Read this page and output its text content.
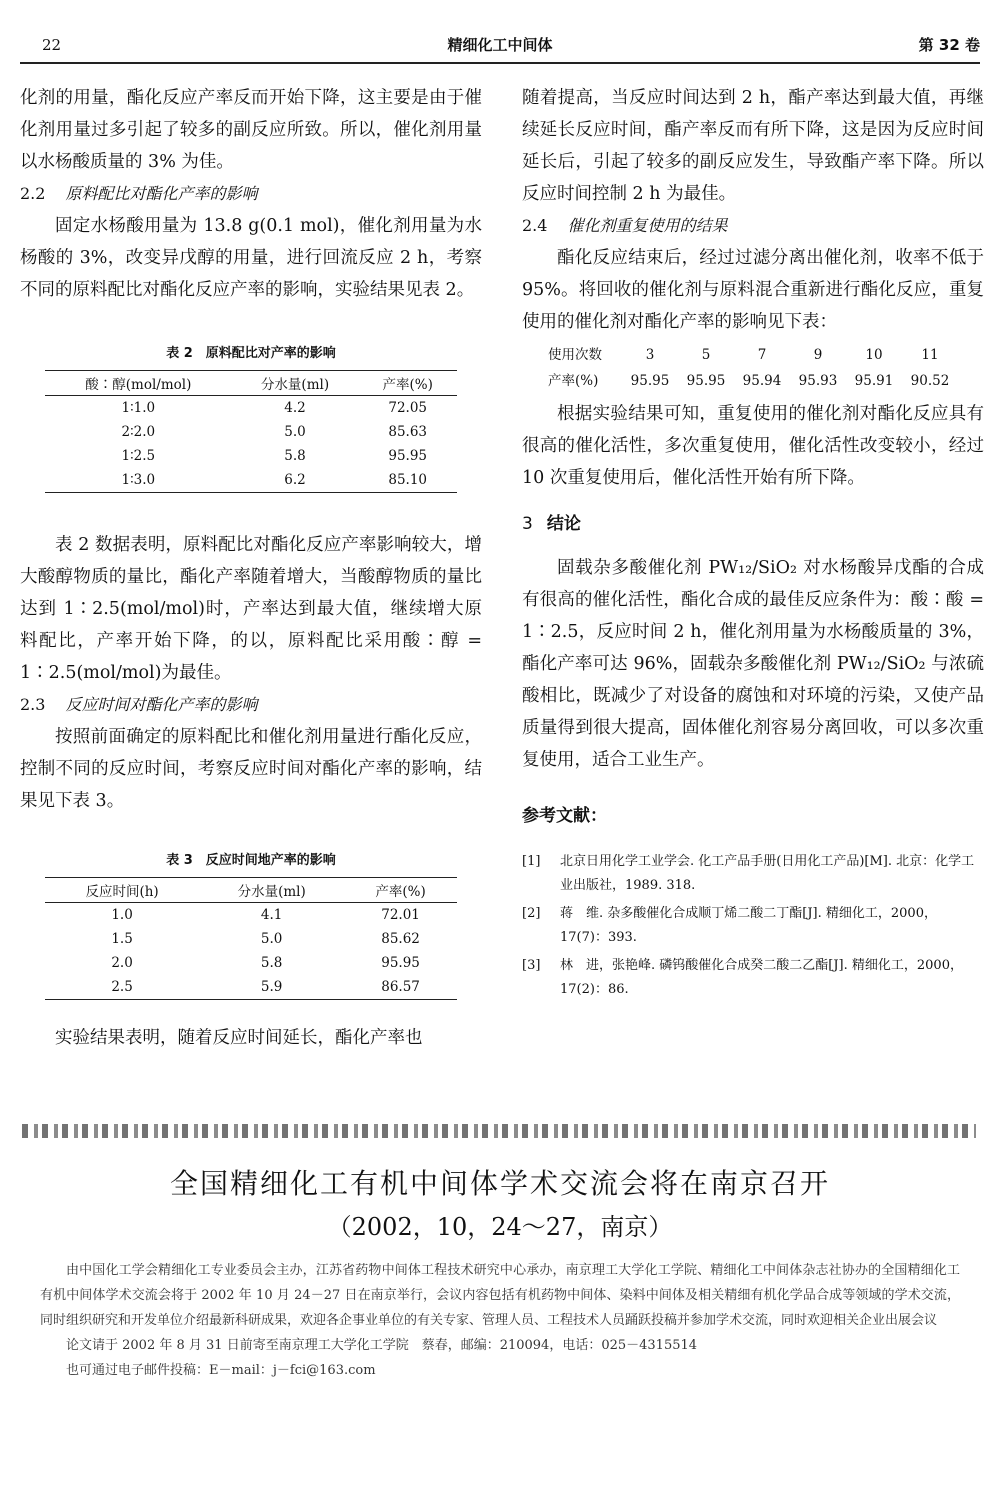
22	精细化工中间体	第 32 卷

化剂的用量，酯化反应产率反而开始下降，这主要是由于催化剂用量过多引起了较多的副反应所致。所以，催化剂用量以水杨酸质量的 3% 为佳。

2.2 原料配比对酯化产率的影响

固定水杨酸用量为 13.8 g(0.1 mol)，催化剂用量为水杨酸的 3%，改变异戊醇的用量，进行回流反应 2 h，考察不同的原料配比对酯化反应产率的影响，实验结果见表 2。

表 2　原料配比对产率的影响

酸∶醇(mol/mol)	分水量(ml)	产率(%)
1∶1.0	4.2	72.05
2∶2.0	5.0	85.63
1∶2.5	5.8	95.95
1∶3.0	6.2	85.10

表 2 数据表明，原料配比对酯化反应产率影响较大，增大酸醇物质的量比，酯化产率随着增大，当酸醇物质的量比达到 1∶2.5(mol/mol)时，产率达到最大值，继续增大原料配比，产率开始下降，的以，原料配比采用酸∶醇 = 1∶2.5(mol/mol)为最佳。

2.3 反应时间对酯化产率的影响

按照前面确定的原料配比和催化剂用量进行酯化反应，控制不同的反应时间，考察反应时间对酯化产率的影响，结果见下表 3。

表 3　反应时间地产率的影响

反应时间(h)	分水量(ml)	产率(%)
1.0	4.1	72.01
1.5	5.0	85.62
2.0	5.8	95.95
2.5	5.9	86.57

实验结果表明，随着反应时间延长，酯化产率也

随着提高，当反应时间达到 2 h，酯产率达到最大值，再继续延长反应时间，酯产率反而有所下降，这是因为反应时间延长后，引起了较多的副反应发生，导致酯产率下降。所以反应时间控制 2 h 为最佳。

2.4 催化剂重复使用的结果

酯化反应结束后，经过过滤分离出催化剂，收率不低于 95%。将回收的催化剂与原料混合重新进行酯化反应，重复使用的催化剂对酯化产率的影响见下表：

使用次数	3	5	7	9	10	11
产率(%)	95.95	95.95	95.94	95.93	95.91	90.52

根据实验结果可知，重复使用的催化剂对酯化反应具有很高的催化活性，多次重复使用，催化活性改变较小，经过 10 次重复使用后，催化活性开始有所下降。

3 结论

固载杂多酸催化剂 PW₁₂/SiO₂ 对水杨酸异戊酯的合成有很高的催化活性，酯化合成的最佳反应条件为：酸∶酸 = 1∶2.5，反应时间 2 h，催化剂用量为水杨酸质量的 3%，酯化产率可达 96%，固载杂多酸催化剂 PW₁₂/SiO₂ 与浓硫酸相比，既减少了对设备的腐蚀和对环境的污染，又使产品质量得到很大提高，固体催化剂容易分离回收，可以多次重复使用，适合工业生产。

参考文献：
[1]	北京日用化学工业学会. 化工产品手册(日用化工产品)[M]. 北京：化学工业出版社，1989. 318.
[2]	蒋　维. 杂多酸催化合成顺丁烯二酸二丁酯[J]. 精细化工，2000，17(7)：393.
[3]	林　进，张艳峰. 磷钨酸催化合成癸二酸二乙酯[J]. 精细化工，2000，17(2)：86.

全国精细化工有机中间体学术交流会将在南京召开

（2002，10，24～27，南京）

由中国化工学会精细化工专业委员会主办，江苏省药物中间体工程技术研究中心承办，南京理工大学化工学院、精细化工中间体杂志社协办的全国精细化工有机中间体学术交流会将于 2002 年 10 月 24－27 日在南京举行，会议内容包括有机药物中间体、染料中间体及相关精细有机化学品合成等领域的学术交流，同时组织研究和开发单位介绍最新科研成果，欢迎各企事业单位的有关专家、管理人员、工程技术人员踊跃投稿并参加学术交流，同时欢迎相关企业出展会议

论文请于 2002 年 8 月 31 日前寄至南京理工大学化工学院　蔡春，邮编：210094，电话：025－4315514

也可通过电子邮件投稿：E－mail：j－fci@163.com
